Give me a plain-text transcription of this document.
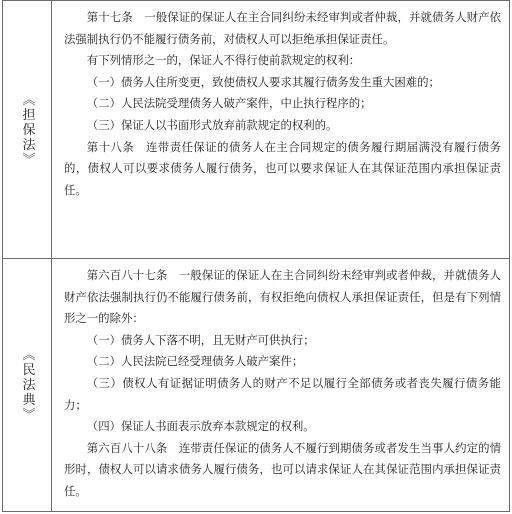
《担保法》

第十七条　一般保证的保证人在主合同纠纷未经审判或者仲裁，并就债务人财产依法强制执行仍不能履行债务前，对债权人可以拒绝承担保证责任。

有下列情形之一的，保证人不得行使前款规定的权利：

（一）债务人住所变更，致使债权人要求其履行债务发生重大困难的；

（二）人民法院受理债务人破产案件，中止执行程序的；

（三）保证人以书面形式放弃前款规定的权利的。

第十八条　连带责任保证的债务人在主合同规定的债务履行期届满没有履行债务的，债权人可以要求债务人履行债务，也可以要求保证人在其保证范围内承担保证责任。

《民法典》

第六百八十七条　一般保证的保证人在主合同纠纷未经审判或者仲裁，并就债务人财产依法强制执行仍不能履行债务前，有权拒绝向债权人承担保证责任，但是有下列情形之一的除外：

（一）债务人下落不明，且无财产可供执行；

（二）人民法院已经受理债务人破产案件；

（三）债权人有证据证明债务人的财产不足以履行全部债务或者丧失履行债务能力；

（四）保证人书面表示放弃本款规定的权利。

第六百八十八条　连带责任保证的债务人不履行到期债务或者发生当事人约定的情形时，债权人可以请求债务人履行债务，也可以请求保证人在其保证范围内承担保证责任。
